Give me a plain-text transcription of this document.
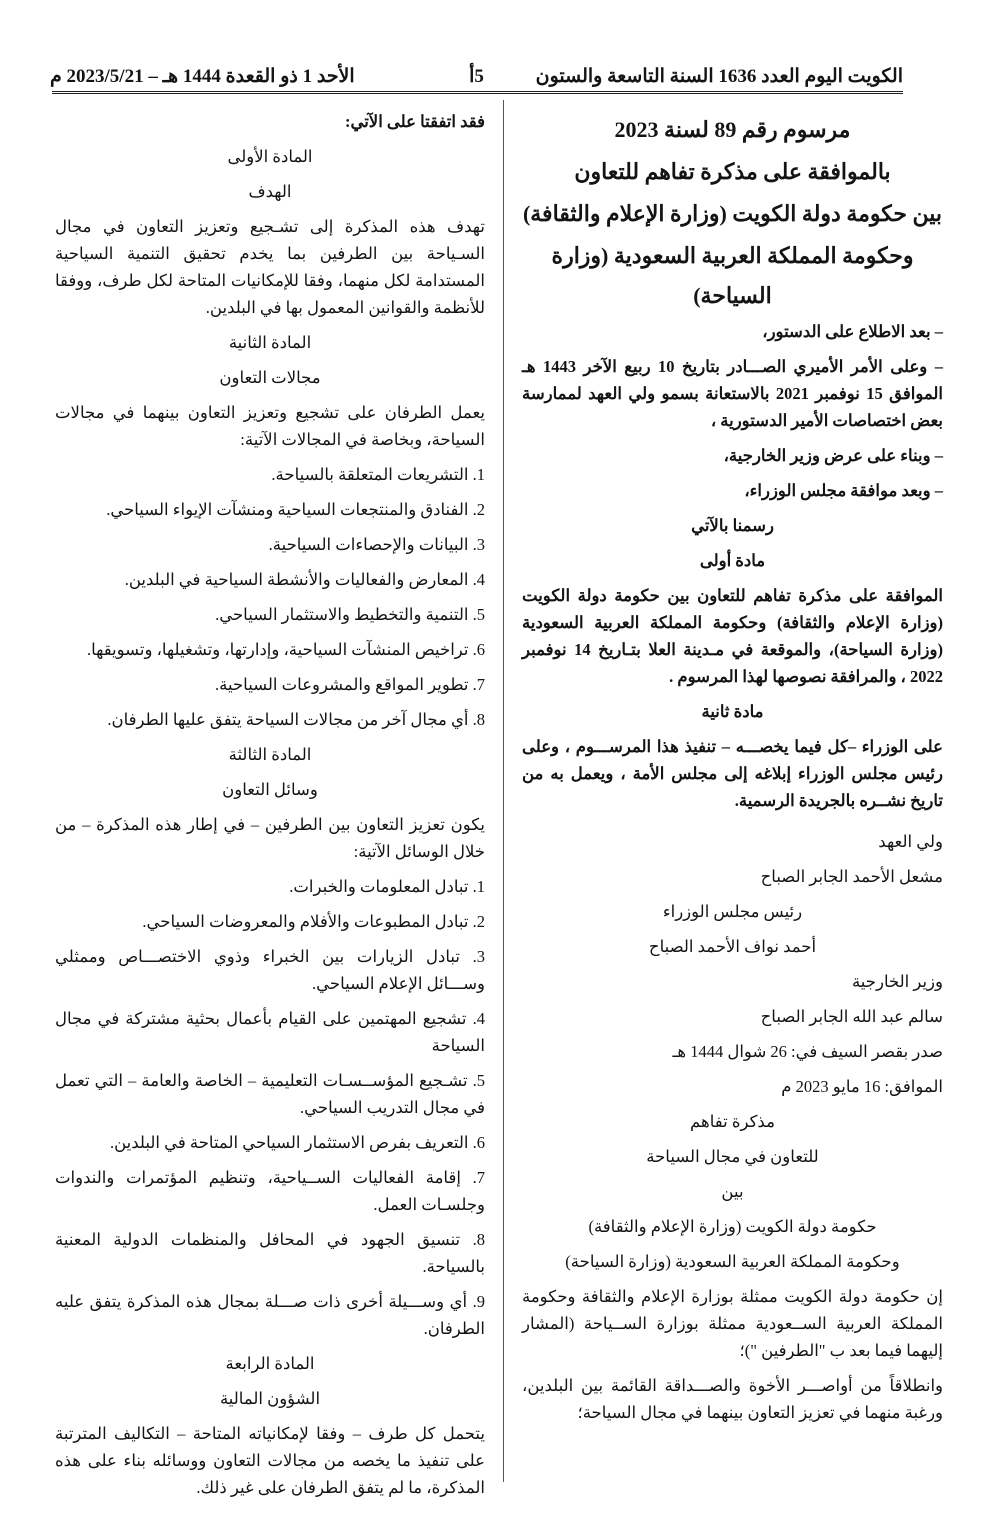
الكويت اليوم العدد 1636 السنة التاسعة والستون
5أ
الأحد 1 ذو القعدة 1444 هـ – 2023/5/21 م
مرسوم رقم 89 لسنة 2023
بالموافقة على مذكرة تفاهم للتعاون
بين حكومة دولة الكويت (وزارة الإعلام والثقافة)
وحكومة المملكة العربية السعودية (وزارة السياحة)

– بعد الاطلاع على الدستور،

– وعلى الأمر الأميري الصـــادر بتاريخ 10 ربيع الآخر 1443 هـ الموافق 15 نوفمبر 2021 بالاستعانة بسمو ولي العهد لممارسة بعض اختصاصات الأمير الدستورية ،

– وبناء على عرض وزير الخارجية،

– وبعد موافقة مجلس الوزراء،

رسمنا بالآتي

مادة أولى

الموافقة على مذكرة تفاهم للتعاون بين حكومة دولة الكويت (وزارة الإعلام والثقافة) وحكومة المملكة العربية السعودية (وزارة السياحة)، والموقعة في مـدينة العلا بتـاريخ 14 نوفمبر 2022 ، والمرافقة نصوصها لهذا المرسوم .

مادة ثانية

على الوزراء –كل فيما يخصـــه – تنفيذ هذا المرســـوم ، وعلى رئيس مجلس الوزراء إبلاغه إلى مجلس الأمة ، ويعمل به من تاريخ نشــره بالجريدة الرسمية.

ولي العهد

مشعل الأحمد الجابر الصباح

رئيس مجلس الوزراء

أحمد نواف الأحمد الصباح

وزير الخارجية

سالم عبد الله الجابر الصباح

صدر بقصر السيف في: 26 شوال 1444 هـ

الموافق: 16 مايو 2023 م

مذكرة تفاهم

للتعاون في مجال السياحة

بين

حكومة دولة الكويت (وزارة الإعلام والثقافة)

وحكومة المملكة العربية السعودية (وزارة السياحة)

إن حكومة دولة الكويت ممثلة بوزارة الإعلام والثقافة وحكومة المملكة العربية الســعودية ممثلة بوزارة الســياحة (المشار إليهما فيما بعد ب "الطرفين ")؛

وانطلاقاً من أواصـــر الأخوة والصـــداقة القائمة بين البلدين، ورغبة منهما في تعزيز التعاون بينهما في مجال السياحة؛

فقد اتفقتا على الآتي:

المادة الأولى

الهدف

تهدف هذه المذكرة إلى تشـجيع وتعزيز التعاون في مجال السـياحة بين الطرفين بما يخدم تحقيق التنمية السياحية المستدامة لكل منهما، وفقا للإمكانيات المتاحة لكل طرف، ووفقا للأنظمة والقوانين المعمول بها في البلدين.

المادة الثانية

مجالات التعاون

يعمل الطرفان على تشجيع وتعزيز التعاون بينهما في مجالات السياحة، وبخاصة في المجالات الآتية:

1. التشريعات المتعلقة بالسياحة.
2. الفنادق والمنتجعات السياحية ومنشآت الإيواء السياحي.
3. البيانات والإحصاءات السياحية.
4. المعارض والفعاليات والأنشطة السياحية في البلدين.
5. التنمية والتخطيط والاستثمار السياحي.
6. تراخيص المنشآت السياحية، وإدارتها، وتشغيلها، وتسويقها.
7. تطوير المواقع والمشروعات السياحية.
8. أي مجال آخر من مجالات السياحة يتفق عليها الطرفان.

المادة الثالثة

وسائل التعاون

يكون تعزيز التعاون بين الطرفين – في إطار هذه المذكرة – من خلال الوسائل الآتية:

1. تبادل المعلومات والخبرات.
2. تبادل المطبوعات والأفلام والمعروضات السياحي.
3. تبادل الزيارات بين الخبراء وذوي الاختصـــاص وممثلي وســـائل الإعلام السياحي.
4. تشجيع المهتمين على القيام بأعمال بحثية مشتركة في مجال السياحة
5. تشـجيع المؤســسـات التعليمية – الخاصة والعامة – التي تعمل في مجال التدريب السياحي.
6. التعريف بفرص الاستثمار السياحي المتاحة في البلدين.
7. إقامة الفعاليات الســياحية، وتنظيم المؤتمرات والندوات وجلسـات العمل.
8. تنسيق الجهود في المحافل والمنظمات الدولية المعنية بالسياحة.
9. أي وســـيلة أخرى ذات صـــلة بمجال هذه المذكرة يتفق عليه الطرفان.

المادة الرابعة

الشؤون المالية

يتحمل كل طرف – وفقا لإمكانياته المتاحة – التكاليف المترتبة على تنفيذ ما يخصه من مجالات التعاون ووسائله بناء على هذه المذكرة، ما لم يتفق الطرفان على غير ذلك.
